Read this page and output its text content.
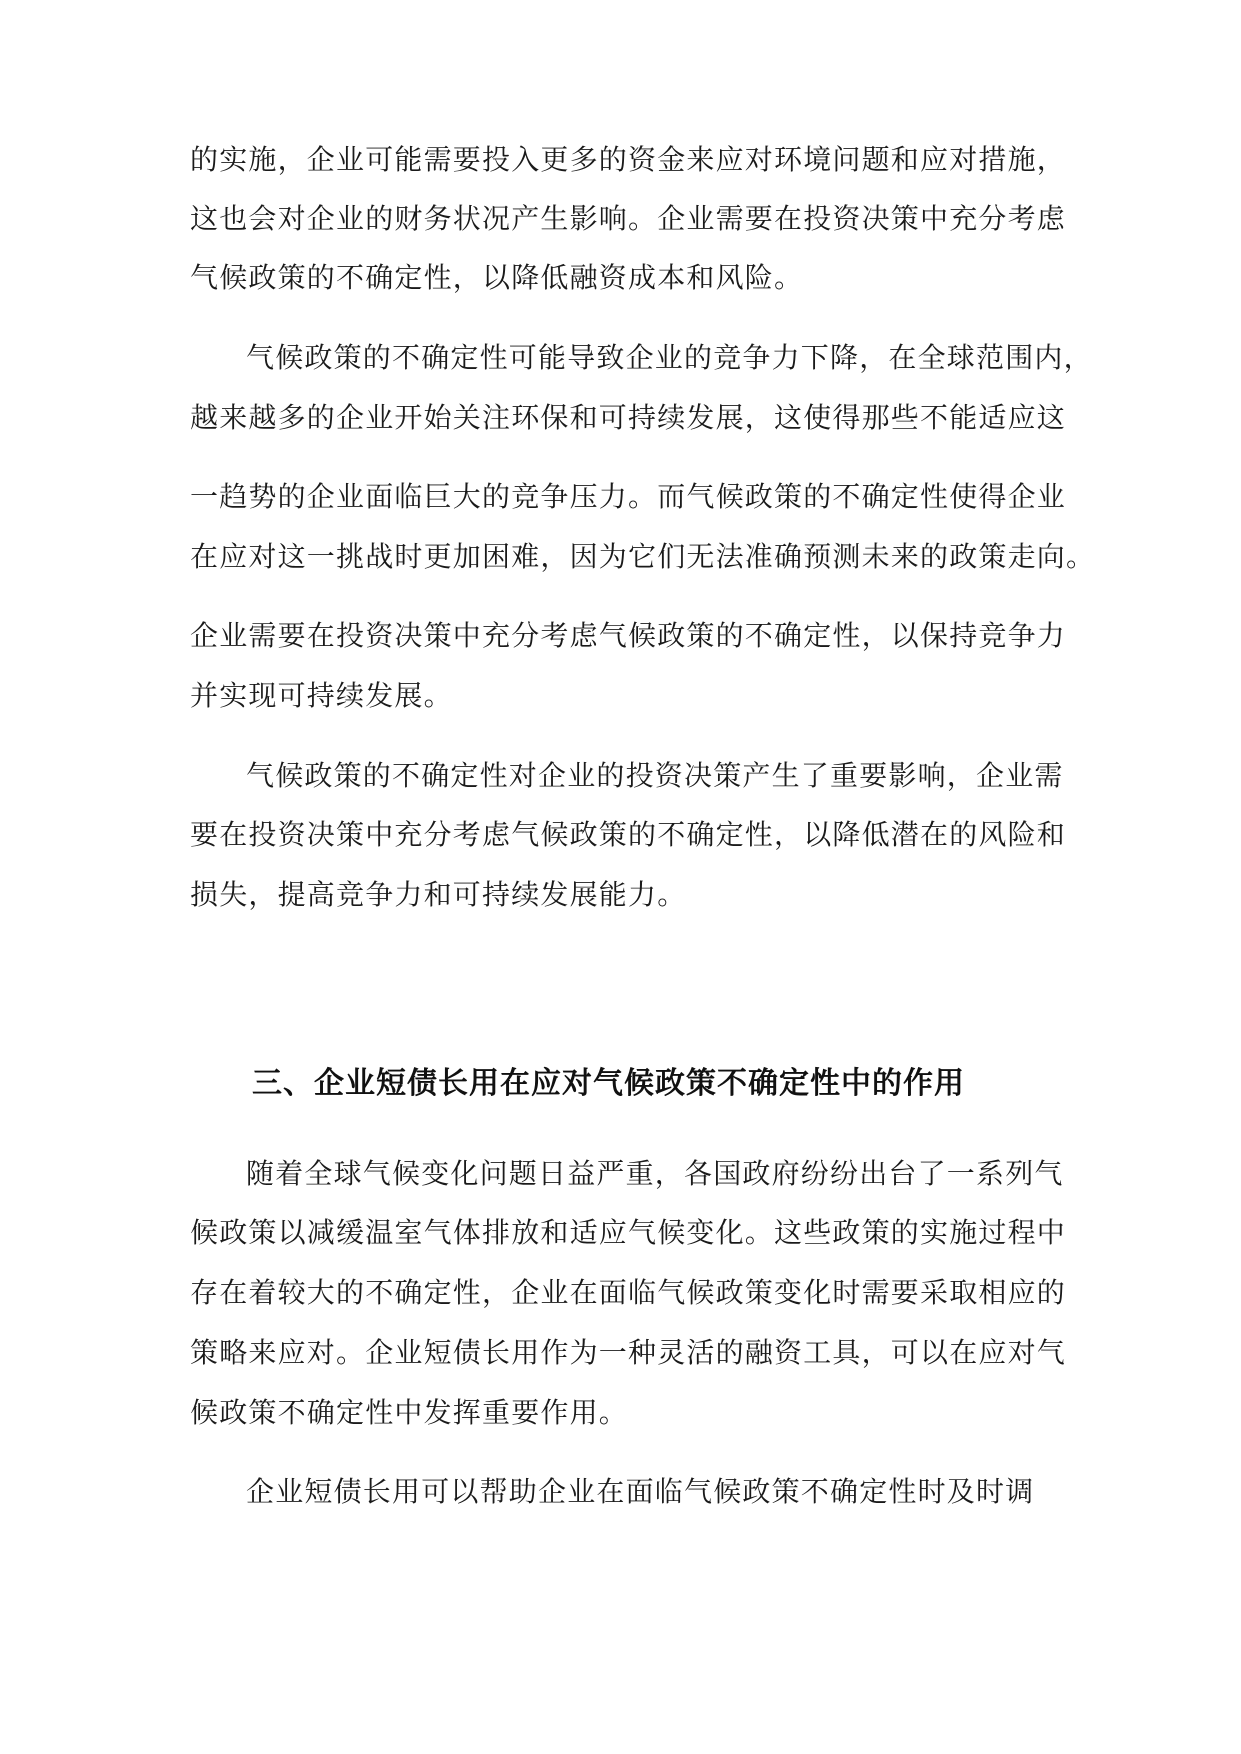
的实施，企业可能需要投入更多的资金来应对环境问题和应对措施，
这也会对企业的财务状况产生影响。企业需要在投资决策中充分考虑
气候政策的不确定性，以降低融资成本和风险。
气候政策的不确定性可能导致企业的竞争力下降，在全球范围内，
越来越多的企业开始关注环保和可持续发展，这使得那些不能适应这
一趋势的企业面临巨大的竞争压力。而气候政策的不确定性使得企业
在应对这一挑战时更加困难，因为它们无法准确预测未来的政策走向。
企业需要在投资决策中充分考虑气候政策的不确定性，以保持竞争力
并实现可持续发展。
气候政策的不确定性对企业的投资决策产生了重要影响，企业需
要在投资决策中充分考虑气候政策的不确定性，以降低潜在的风险和
损失，提高竞争力和可持续发展能力。
三、企业短债长用在应对气候政策不确定性中的作用
随着全球气候变化问题日益严重，各国政府纷纷出台了一系列气
候政策以减缓温室气体排放和适应气候变化。这些政策的实施过程中
存在着较大的不确定性，企业在面临气候政策变化时需要采取相应的
策略来应对。企业短债长用作为一种灵活的融资工具，可以在应对气
候政策不确定性中发挥重要作用。
企业短债长用可以帮助企业在面临气候政策不确定性时及时调
